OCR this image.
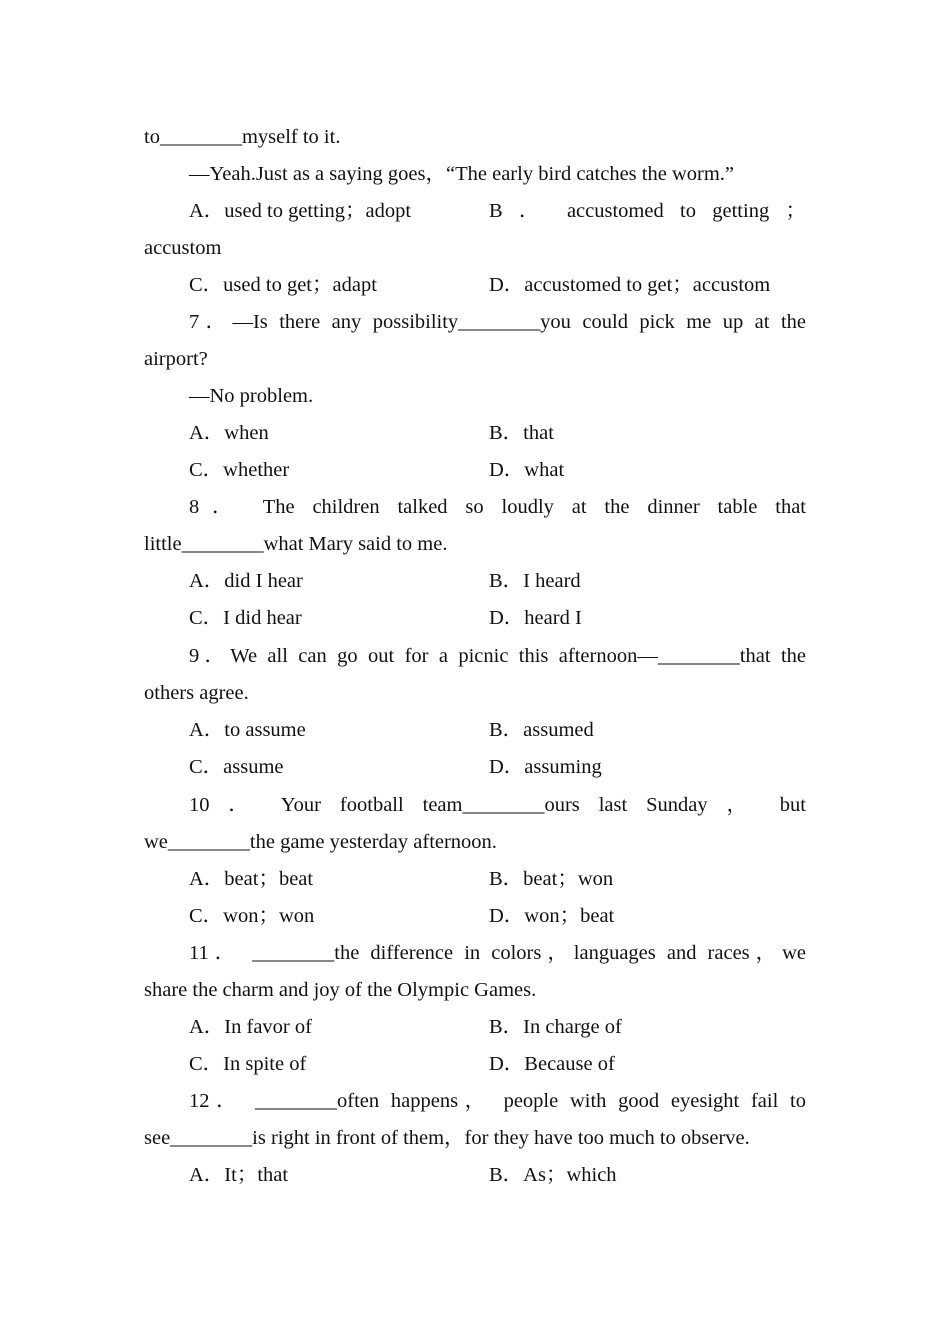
to________myself to it.
—Yeah.Just as a saying goes，“The early bird catches the worm.”
A．used to getting；adopt	B ． accustomed to getting ；
accustom
C．used to get；adapt	D．accustomed to get；accustom
7．—Is there any possibility________you could pick me up at the
airport?
—No problem.
A．when	B．that
C．whether	D．what
8． The children talked so loudly at the dinner table that
little________what Mary said to me.
A．did I hear	B．I heard
C．I did hear	D．heard I
9．We all can go out for a picnic this afternoon—________that the
others agree.
A．to assume	B．assumed
C．assume	D．assuming
10 ． Your football team________ours last Sunday ， but
we________the game yesterday afternoon.
A．beat；beat	B．beat；won
C．won；won	D．won；beat
11． ________the difference in colors，languages and races，we
share the charm and joy of the Olympic Games.
A．In favor of	B．In charge of
C．In spite of	D．Because of
12． ________often happens， people with good eyesight fail to
see________is right in front of them，for they have too much to observe.
A．It；that	B．As；which
